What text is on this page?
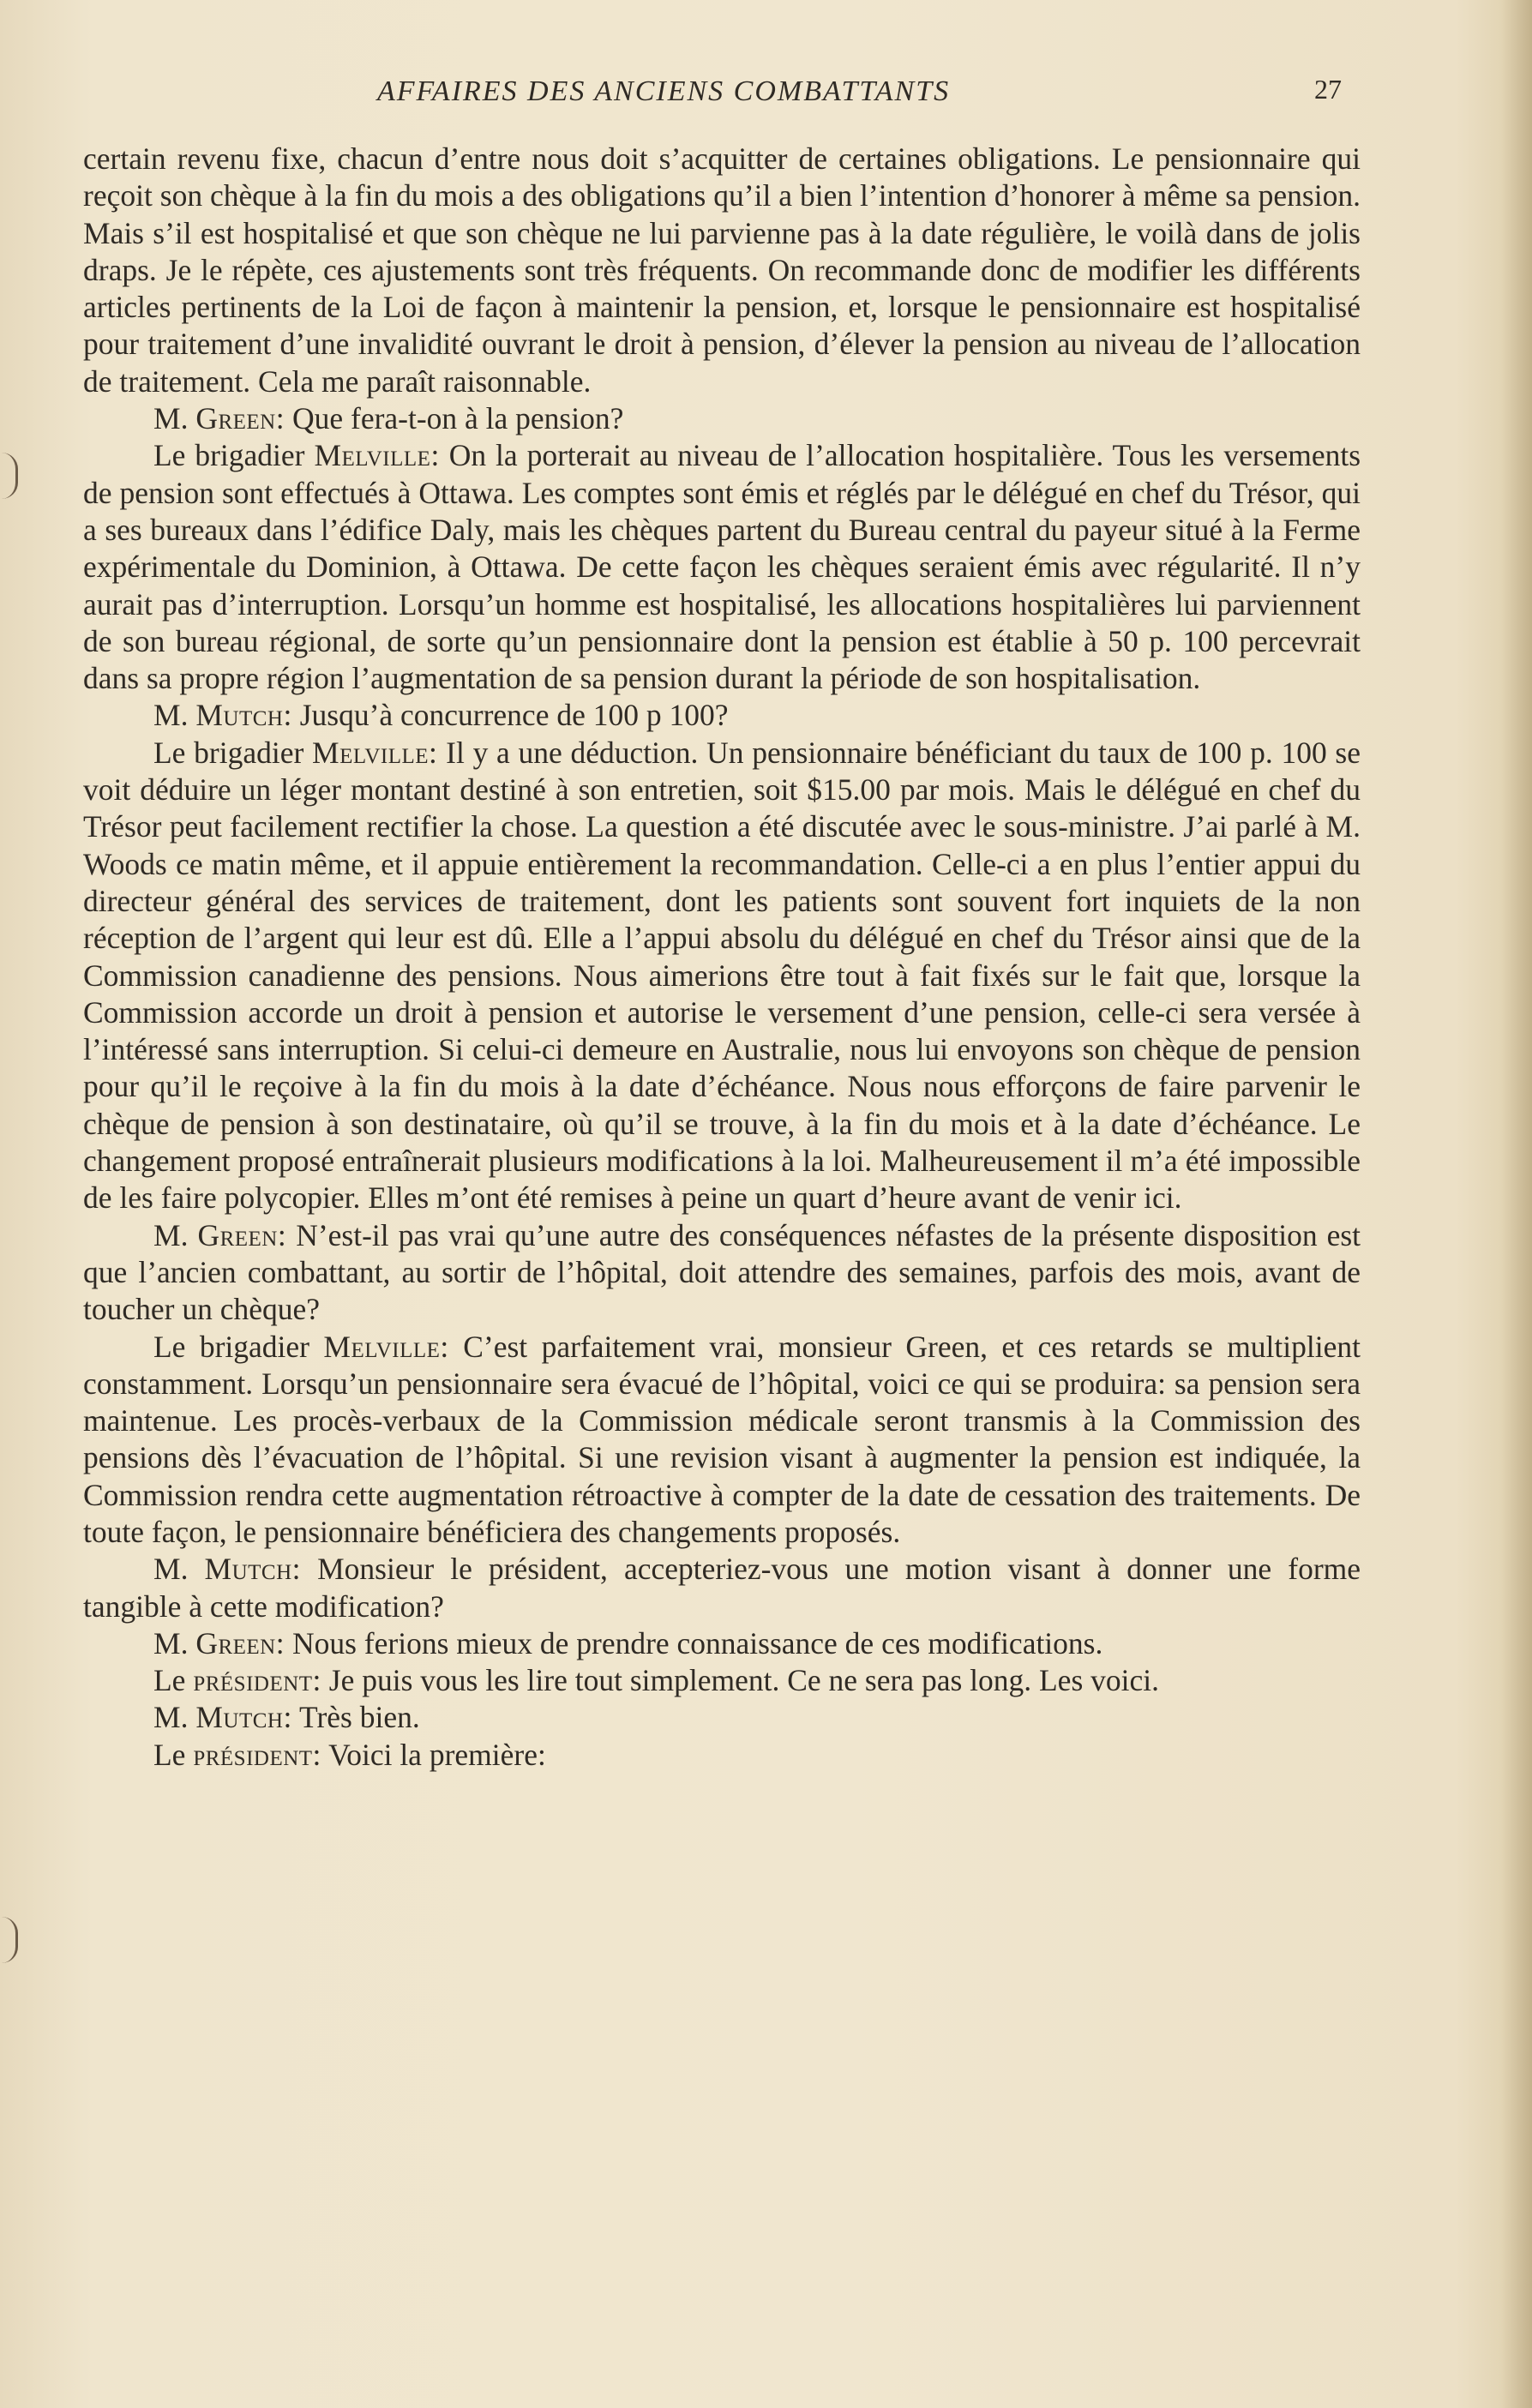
AFFAIRES DES ANCIENS COMBATTANTS	27

certain revenu fixe, chacun d’entre nous doit s’acquitter de certaines obligations. Le pensionnaire qui reçoit son chèque à la fin du mois a des obligations qu’il a bien l’intention d’honorer à même sa pension. Mais s’il est hospitalisé et que son chèque ne lui parvienne pas à la date régulière, le voilà dans de jolis draps. Je le répète, ces ajustements sont très fréquents. On recommande donc de modifier les différents articles pertinents de la Loi de façon à maintenir la pension, et, lorsque le pensionnaire est hospitalisé pour traitement d’une invalidité ouvrant le droit à pension, d’élever la pension au niveau de l’allocation de traitement. Cela me paraît raisonnable.

M. Green: Que fera-t-on à la pension?

Le brigadier Melville: On la porterait au niveau de l’allocation hospitalière. Tous les versements de pension sont effectués à Ottawa. Les comptes sont émis et réglés par le délégué en chef du Trésor, qui a ses bureaux dans l’édifice Daly, mais les chèques partent du Bureau central du payeur situé à la Ferme expérimentale du Dominion, à Ottawa. De cette façon les chèques seraient émis avec régularité. Il n’y aurait pas d’interruption. Lorsqu’un homme est hospitalisé, les allocations hospitalières lui parviennent de son bureau régional, de sorte qu’un pensionnaire dont la pension est établie à 50 p. 100 percevrait dans sa propre région l’augmentation de sa pension durant la période de son hospitalisation.

M. Mutch: Jusqu’à concurrence de 100 p 100?

Le brigadier Melville: Il y a une déduction. Un pensionnaire bénéficiant du taux de 100 p. 100 se voit déduire un léger montant destiné à son entretien, soit $15.00 par mois. Mais le délégué en chef du Trésor peut facilement rectifier la chose. La question a été discutée avec le sous-ministre. J’ai parlé à M. Woods ce matin même, et il appuie entièrement la recommandation. Celle-ci a en plus l’entier appui du directeur général des services de traitement, dont les patients sont souvent fort inquiets de la non réception de l’argent qui leur est dû. Elle a l’appui absolu du délégué en chef du Trésor ainsi que de la Commission canadienne des pensions. Nous aimerions être tout à fait fixés sur le fait que, lorsque la Commission accorde un droit à pension et autorise le versement d’une pension, celle-ci sera versée à l’intéressé sans interruption. Si celui-ci demeure en Australie, nous lui envoyons son chèque de pension pour qu’il le reçoive à la fin du mois à la date d’échéance. Nous nous efforçons de faire parvenir le chèque de pension à son destinataire, où qu’il se trouve, à la fin du mois et à la date d’échéance. Le changement proposé entraînerait plusieurs modifications à la loi. Malheureusement il m’a été impossible de les faire polycopier. Elles m’ont été remises à peine un quart d’heure avant de venir ici.

M. Green: N’est-il pas vrai qu’une autre des conséquences néfastes de la présente disposition est que l’ancien combattant, au sortir de l’hôpital, doit attendre des semaines, parfois des mois, avant de toucher un chèque?

Le brigadier Melville: C’est parfaitement vrai, monsieur Green, et ces retards se multiplient constamment. Lorsqu’un pensionnaire sera évacué de l’hôpital, voici ce qui se produira: sa pension sera maintenue. Les procès-verbaux de la Commission médicale seront transmis à la Commission des pensions dès l’évacuation de l’hôpital. Si une revision visant à augmenter la pension est indiquée, la Commission rendra cette augmentation rétroactive à compter de la date de cessation des traitements. De toute façon, le pensionnaire bénéficiera des changements proposés.

M. Mutch: Monsieur le président, accepteriez-vous une motion visant à donner une forme tangible à cette modification?

M. Green: Nous ferions mieux de prendre connaissance de ces modifications.

Le président: Je puis vous les lire tout simplement. Ce ne sera pas long. Les voici.

M. Mutch: Très bien.

Le président: Voici la première:
